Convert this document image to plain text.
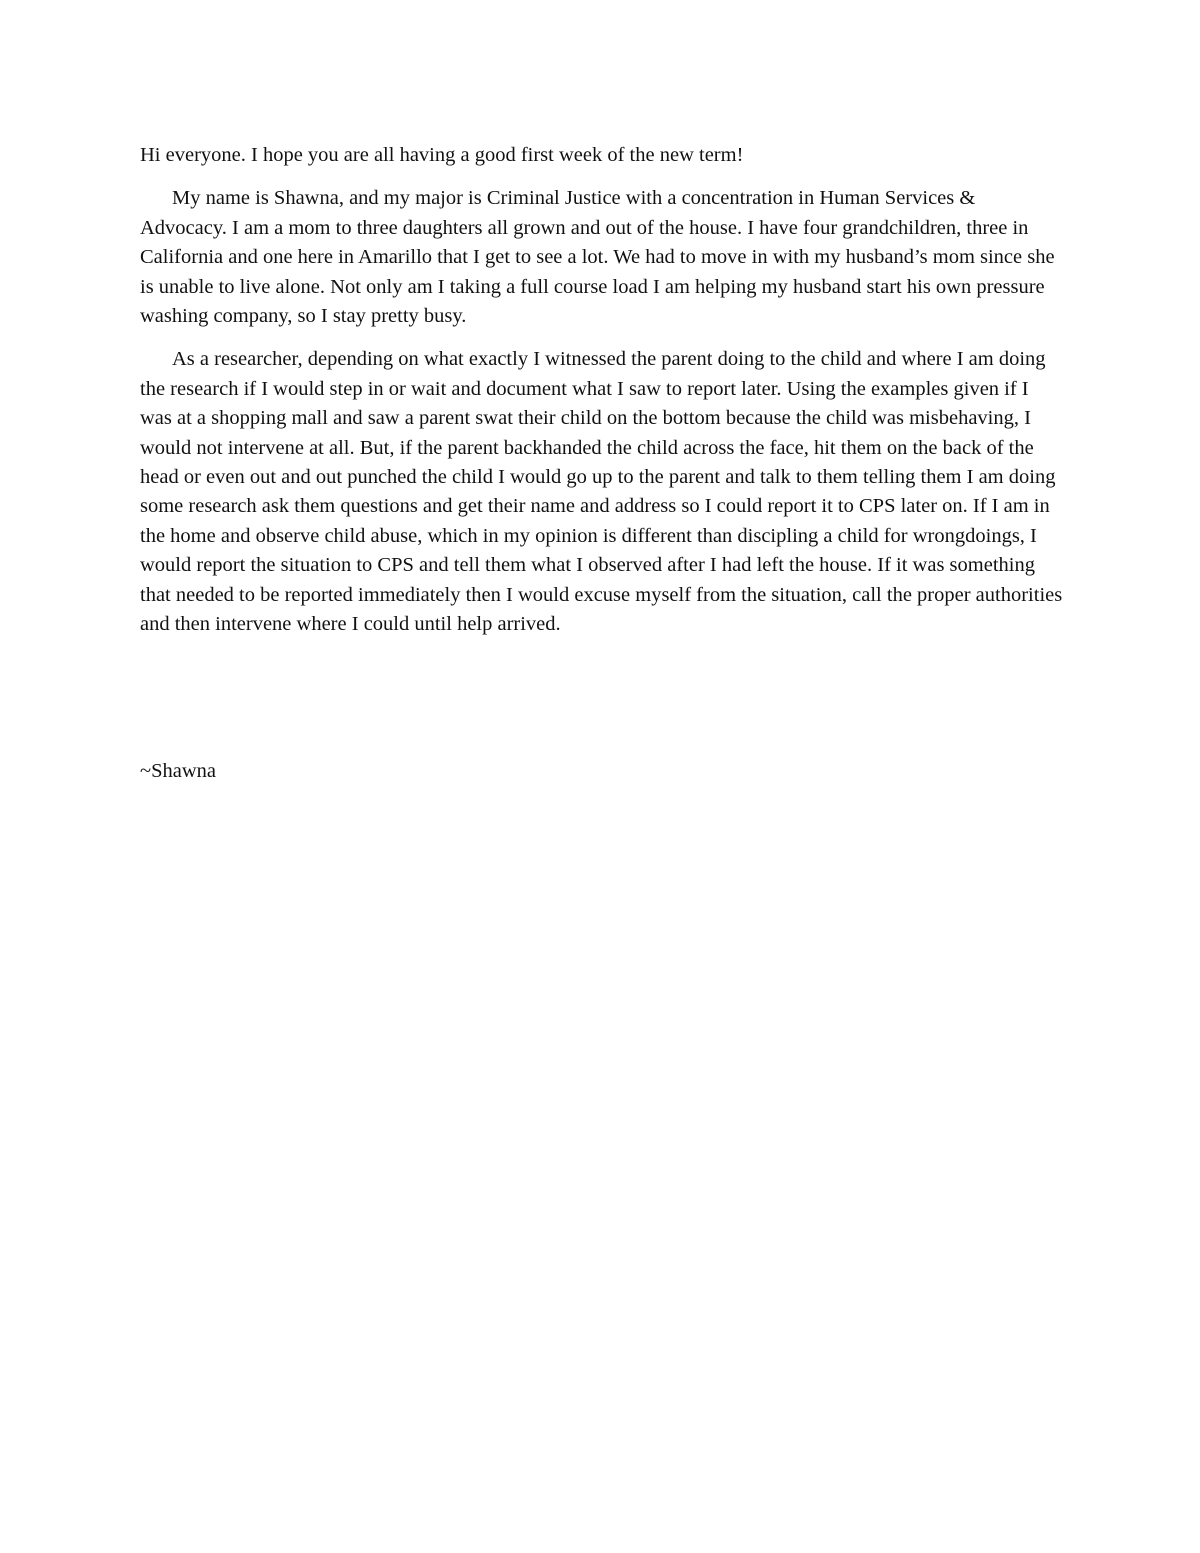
Hi everyone. I hope you are all having a good first week of the new term!

My name is Shawna, and my major is Criminal Justice with a concentration in Human Services & Advocacy. I am a mom to three daughters all grown and out of the house. I have four grandchildren, three in California and one here in Amarillo that I get to see a lot. We had to move in with my husband’s mom since she is unable to live alone. Not only am I taking a full course load I am helping my husband start his own pressure washing company, so I stay pretty busy.

As a researcher, depending on what exactly I witnessed the parent doing to the child and where I am doing the research if I would step in or wait and document what I saw to report later. Using the examples given if I was at a shopping mall and saw a parent swat their child on the bottom because the child was misbehaving, I would not intervene at all. But, if the parent backhanded the child across the face, hit them on the back of the head or even out and out punched the child I would go up to the parent and talk to them telling them I am doing some research ask them questions and get their name and address so I could report it to CPS later on. If I am in the home and observe child abuse, which in my opinion is different than discipling a child for wrongdoings, I would report the situation to CPS and tell them what I observed after I had left the house. If it was something that needed to be reported immediately then I would excuse myself from the situation, call the proper authorities and then intervene where I could until help arrived.

~Shawna
